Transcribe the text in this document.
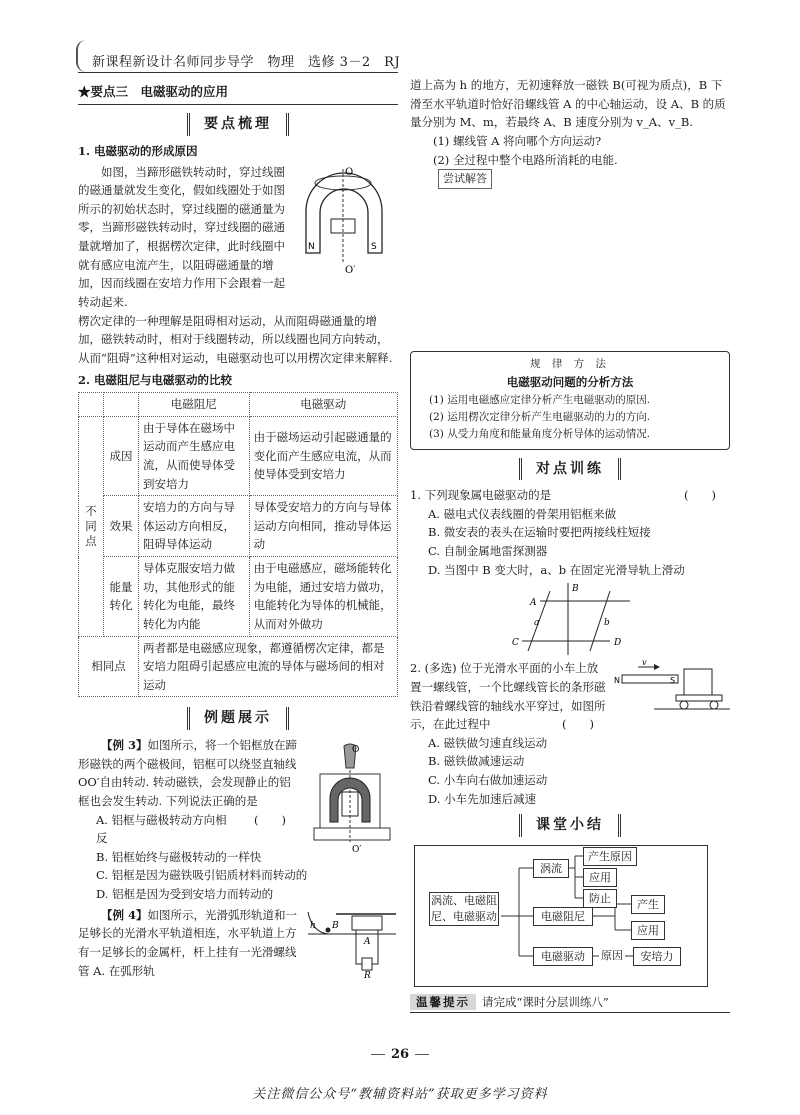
新课程新设计名师同步导学　物理　选修 3－2　RJ
★要点三　电磁驱动的应用
要点梳理
1. 电磁驱动的形成原因
O
O′
N	S

如图，当蹄形磁铁转动时，穿过线圈的磁通量就发生变化，假如线圈处于如图所示的初始状态时，穿过线圈的磁通量为零，当蹄形磁铁转动时，穿过线圈的磁通量就增加了，根据楞次定律，此时线圈中就有感应电流产生，以阻碍磁通量的增加，因而线圈在安培力作用下会跟着一起转动起来.

楞次定律的一种理解是阻碍相对运动，从而阻碍磁通量的增加，磁铁转动时，相对于线圈转动，所以线圈也同方向转动，从而“阻碍”这种相对运动，电磁驱动也可以用楞次定律来解释.

2. 电磁阻尼与电磁驱动的比较
		电磁阻尼	电磁驱动
不同点	成因	由于导体在磁场中运动而产生感应电流，从而使导体受到安培力	由于磁场运动引起磁通量的变化而产生感应电流，从而使导体受到安培力
	效果	安培力的方向与导体运动方向相反，阻碍导体运动	导体受安培力的方向与导体运动方向相同，推动导体运动
	能量转化	导体克服安培力做功，其他形式的能转化为电能，最终转化为内能	由于电磁感应，磁场能转化为电能，通过安培力做功，电能转化为导体的机械能，从而对外做功
相同点		两者都是电磁感应现象，都遵循楞次定律，都是安培力阻碍引起感应电流的导体与磁场间的相对运动	
例题展示
O
O′

【例 3】如图所示，将一个铝框放在蹄形磁铁的两个磁极间，铝框可以绕竖直轴线 OO′自由转动. 转动磁铁，会发现静止的铝框也会发生转动. 下列说法正确的是
(　　)

A. 铝框与磁极转动方向相反

B. 铝框始终与磁极转动的一样快

C. 铝框是因为磁铁吸引铝质材料而转动的

D. 铝框是因为受到安培力而转动的

h B
A
R

【例 4】如图所示，光滑弧形轨道和一足够长的光滑水平轨道相连，水平轨道上方有一足够长的金属杆，杆上挂有一光滑螺线管 A. 在弧形轨

道上高为 h 的地方，无初速释放一磁铁 B(可视为质点)，B 下滑至水平轨道时恰好沿螺线管 A 的中心轴运动，设 A、B 的质量分别为 M、m，若最终 A、B 速度分别为 v_A、v_B.

(1) 螺线管 A 将向哪个方向运动?

(2) 全过程中整个电路所消耗的电能.

尝试解答
规 律 方 法
电磁驱动问题的分析方法
(1) 运用电磁感应定律分析产生电磁驱动的原因.
(2) 运用楞次定律分析产生电磁驱动的力的方向.
(3) 从受力角度和能量角度分析导体的运动情况.
对点训练

1. 下列现象属电磁驱动的是	(　　)

A. 磁电式仪表线圈的骨架用铝框来做

B. 微安表的表头在运输时要把两接线柱短接

C. 自制金属地雷探测器

D. 当图中 B 变大时，a、b 在固定光滑导轨上滑动

A
B
C	D
a	b
v
N	S

2. (多选) 位于光滑水平面的小车上放置一螺线管，一个比螺线管长的条形磁铁沿着螺线管的轴线水平穿过，如图所示，在此过程中	(　　)

A. 磁铁做匀速直线运动

B. 磁铁做减速运动

C. 小车向右做加速运动

D. 小车先加速后减速

课堂小结
涡流、电磁阻尼、电磁驱动
涡流
产生原因
应用
防止
电磁阻尼
产生
应用
电磁驱动	原因	安培力
温馨提示 请完成“课时分层训练八”
26
关注微信公众号“教辅资料站”获取更多学习资料
